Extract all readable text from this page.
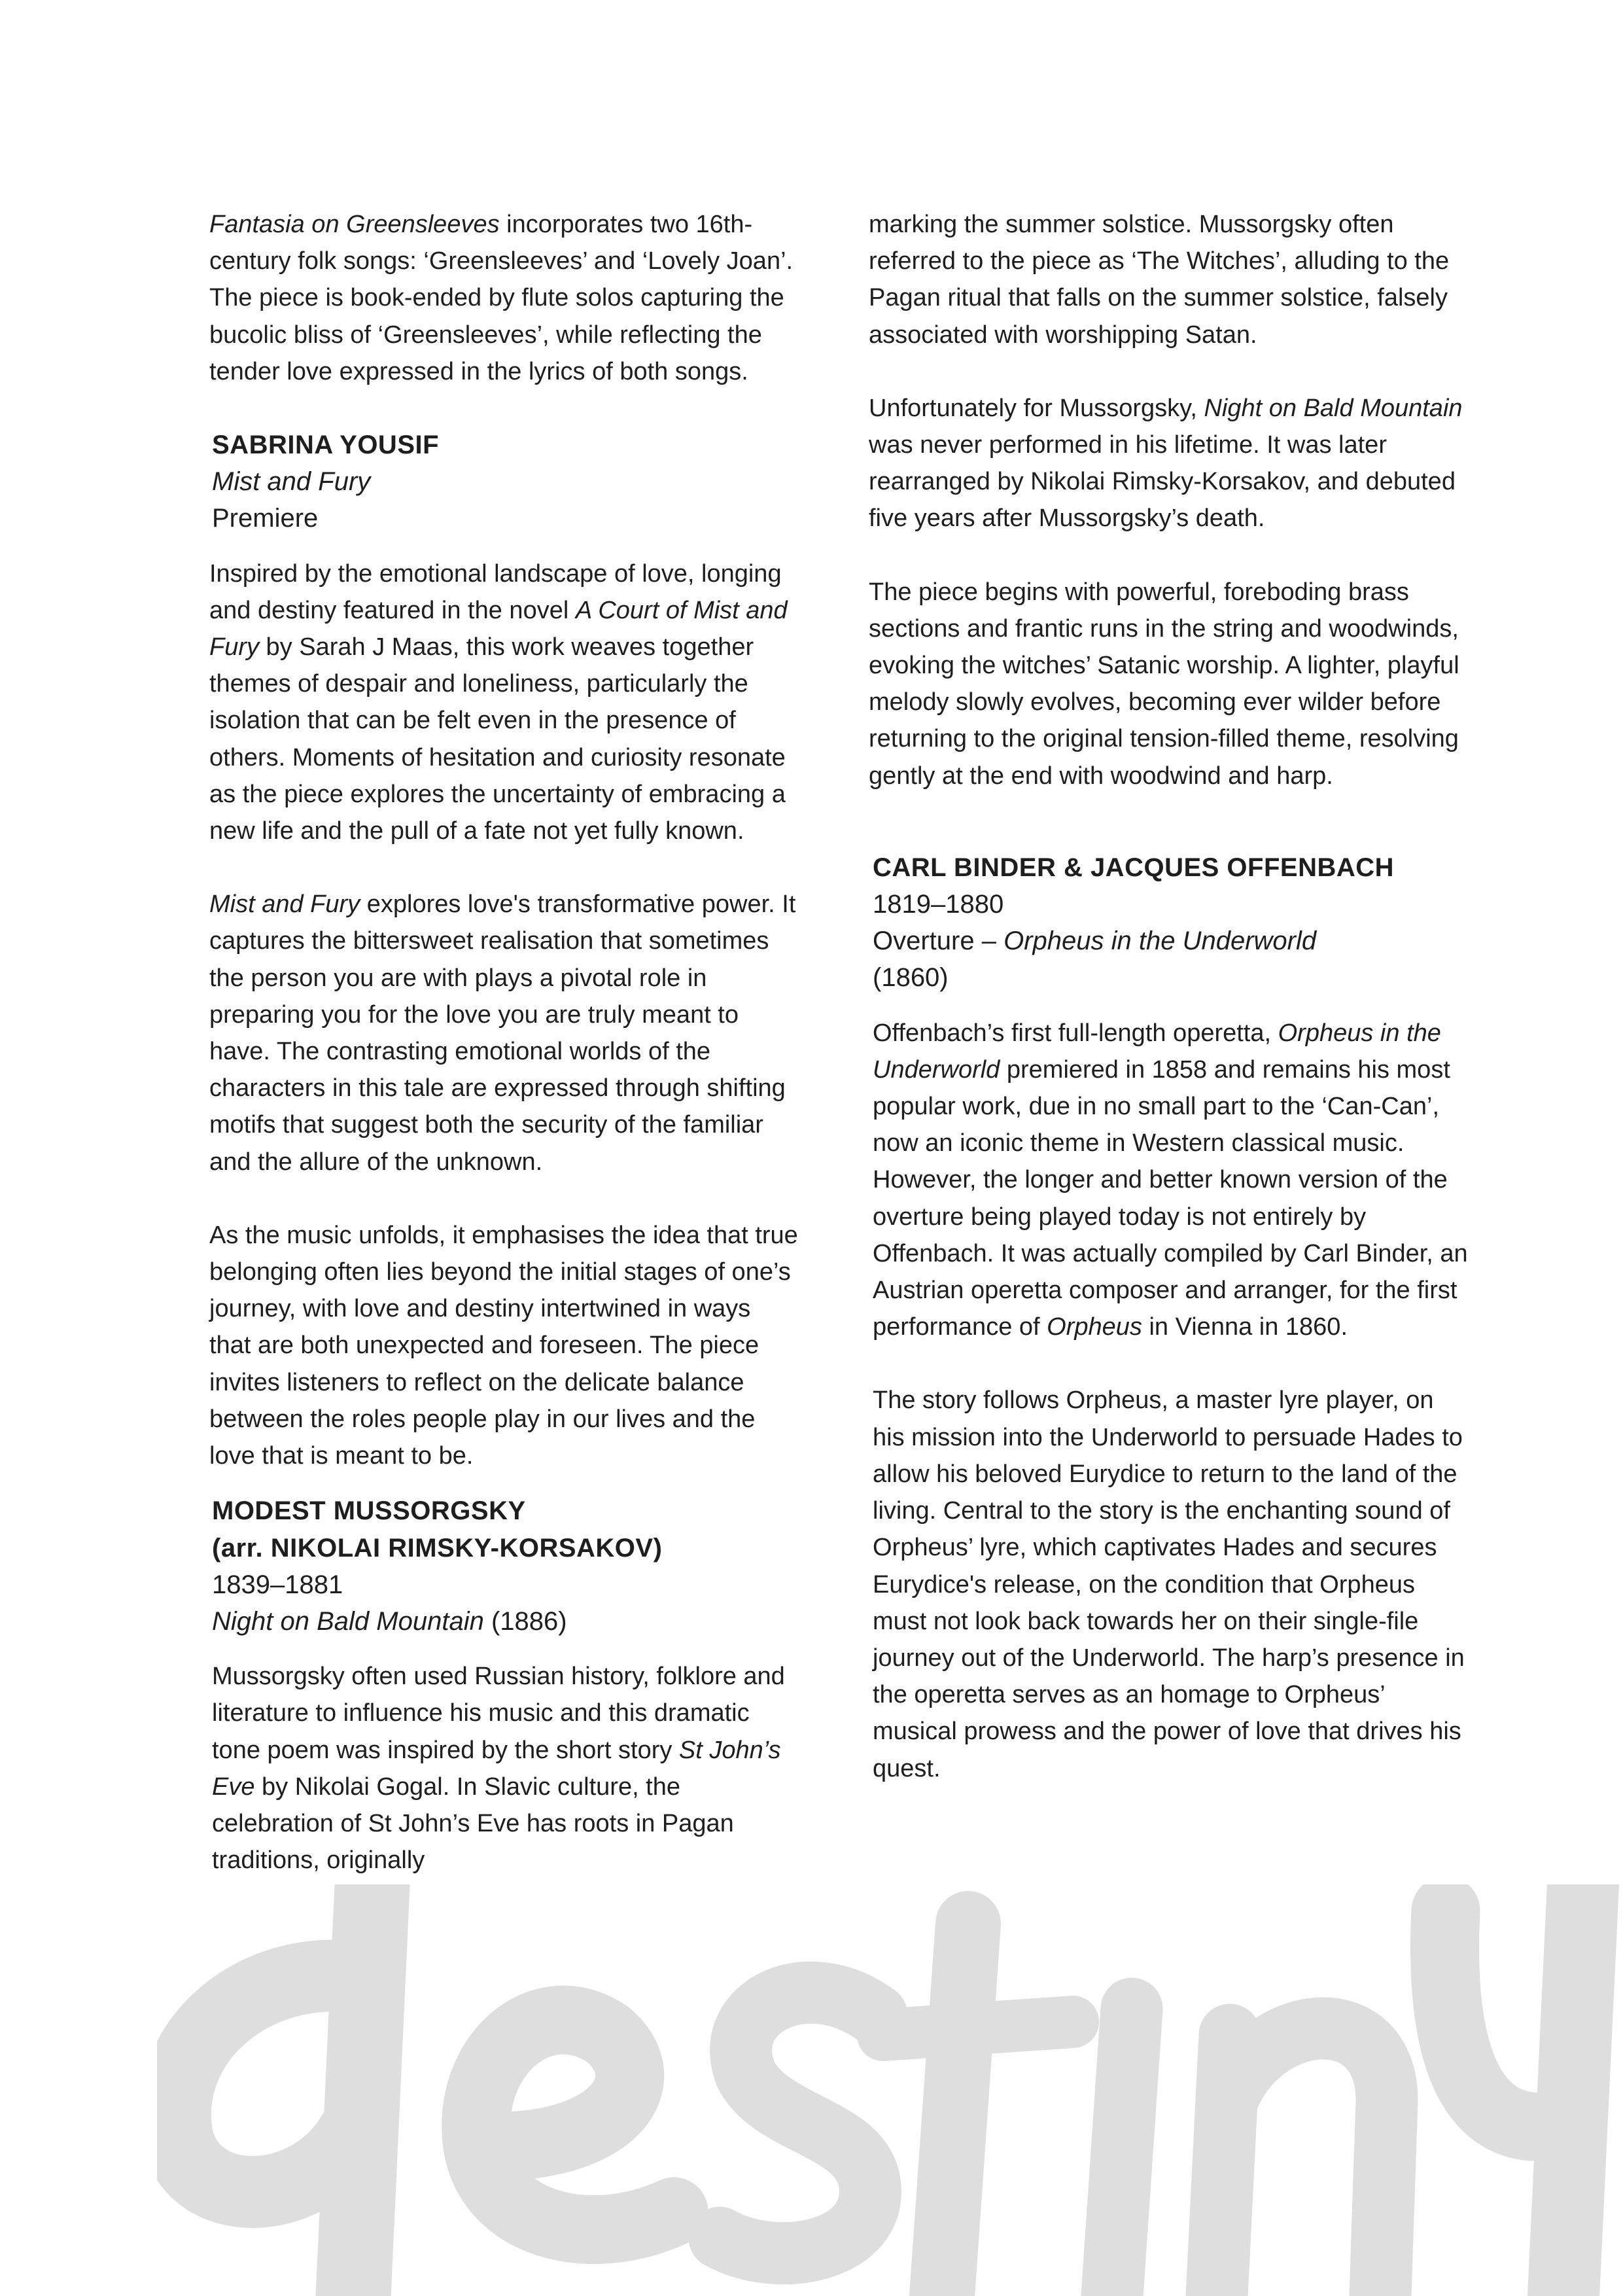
Fantasia on Greensleeves incorporates two 16th-century folk songs: ‘Greensleeves’ and ‘Lovely Joan’. The piece is book-ended by flute solos capturing the bucolic bliss of ‘Greensleeves’, while reflecting the tender love expressed in the lyrics of both songs.

SABRINA YOUSIF
Mist and Fury
Premiere

Inspired by the emotional landscape of love, longing and destiny featured in the novel A Court of Mist and Fury by Sarah J Maas, this work weaves together themes of despair and loneliness, particularly the isolation that can be felt even in the presence of others. Moments of hesitation and curiosity resonate as the piece explores the uncertainty of embracing a new life and the pull of a fate not yet fully known.

Mist and Fury explores love's transformative power. It captures the bittersweet realisation that sometimes the person you are with plays a pivotal role in preparing you for the love you are truly meant to have. The contrasting emotional worlds of the characters in this tale are expressed through shifting motifs that suggest both the security of the familiar and the allure of the unknown.

As the music unfolds, it emphasises the idea that true belonging often lies beyond the initial stages of one’s journey, with love and destiny intertwined in ways that are both unexpected and foreseen. The piece invites listeners to reflect on the delicate balance between the roles people play in our lives and the love that is meant to be.

MODEST MUSSORGSKY
(arr. NIKOLAI RIMSKY-KORSAKOV)
1839–1881
Night on Bald Mountain (1886)

Mussorgsky often used Russian history, folklore and literature to influence his music and this dramatic tone poem was inspired by the short story St John’s Eve by Nikolai Gogal. In Slavic culture, the celebration of St John’s Eve has roots in Pagan traditions, originally

marking the summer solstice. Mussorgsky often referred to the piece as ‘The Witches’, alluding to the Pagan ritual that falls on the summer solstice, falsely associated with worshipping Satan.

Unfortunately for Mussorgsky, Night on Bald Mountain was never performed in his lifetime. It was later rearranged by Nikolai Rimsky-Korsakov, and debuted five years after Mussorgsky’s death.

The piece begins with powerful, foreboding brass sections and frantic runs in the string and woodwinds, evoking the witches’ Satanic worship. A lighter, playful melody slowly evolves, becoming ever wilder before returning to the original tension-filled theme, resolving gently at the end with woodwind and harp.

CARL BINDER & JACQUES OFFENBACH
1819–1880
Overture – Orpheus in the Underworld
(1860)

Offenbach’s first full-length operetta, Orpheus in the Underworld premiered in 1858 and remains his most popular work, due in no small part to the ‘Can-Can’, now an iconic theme in Western classical music. However, the longer and better known version of the overture being played today is not entirely by Offenbach. It was actually compiled by Carl Binder, an Austrian operetta composer and arranger, for the first performance of Orpheus in Vienna in 1860.

The story follows Orpheus, a master lyre player, on his mission into the Underworld to persuade Hades to allow his beloved Eurydice to return to the land of the living. Central to the story is the enchanting sound of Orpheus’ lyre, which captivates Hades and secures Eurydice's release, on the condition that Orpheus must not look back towards her on their single-file journey out of the Underworld. The harp’s presence in the operetta serves as an homage to Orpheus’ musical prowess and the power of love that drives his quest.
